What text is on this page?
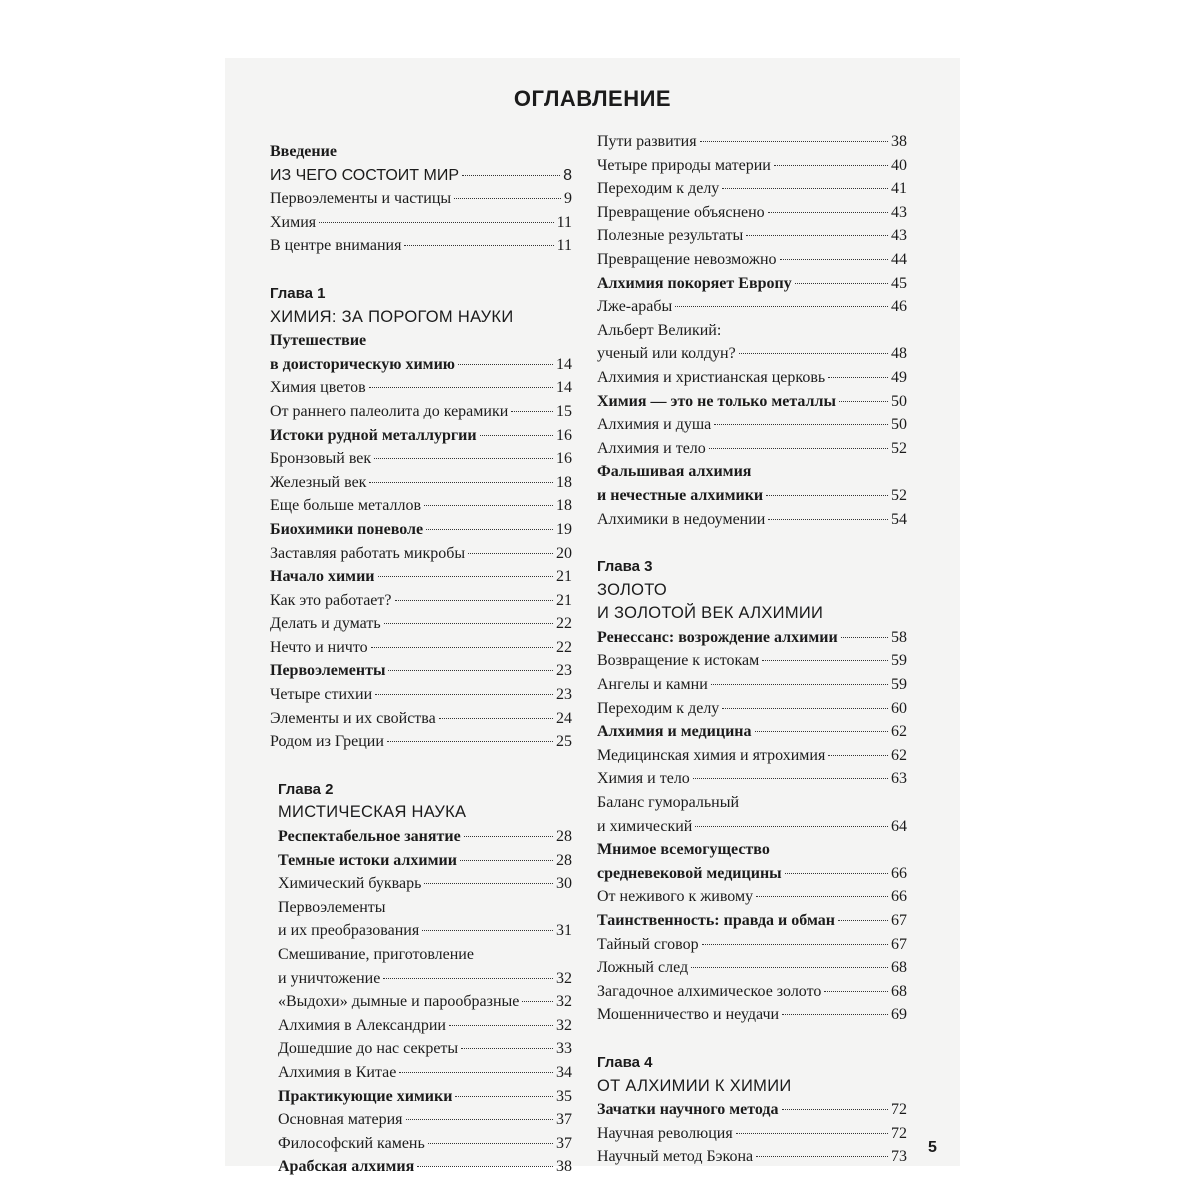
ОГЛАВЛЕНИЕ
Введение
ИЗ ЧЕГО СОСТОИТ МИР	8
Первоэлементы и частицы	9
Химия	11
В центре внимания	11
Глава 1
ХИМИЯ: ЗА ПОРОГОМ НАУКИ
Путешествие
в доисторическую химию	14
Химия цветов	14
От раннего палеолита до керамики	15
Истоки рудной металлургии	16
Бронзовый век	16
Железный век	18
Еще больше металлов	18
Биохимики поневоле	19
Заставляя работать микробы	20
Начало химии	21
Как это работает?	21
Делать и думать	22
Нечто и ничто	22
Первоэлементы	23
Четыре стихии	23
Элементы и их свойства	24
Родом из Греции	25
Глава 2
МИСТИЧЕСКАЯ НАУКА
Респектабельное занятие	28
Темные истоки алхимии	28
Химический букварь	30
Первоэлементы
и их преобразования	31
Смешивание, приготовление
и уничтожение	32
«Выдохи» дымные и парообразные 32
Алхимия в Александрии	32
Дошедшие до нас секреты	33
Алхимия в Китае	34
Практикующие химики	35
Основная материя	37
Философский камень	37
Арабская алхимия	38
Пути развития	38
Четыре природы материи	40
Переходим к делу	41
Превращение объяснено	43
Полезные результаты	43
Превращение невозможно	44
Алхимия покоряет Европу	45
Лже-арабы	46
Альберт Великий:
ученый или колдун?	48
Алхимия и христианская церковь	49
Химия — это не только металлы	50
Алхимия и душа	50
Алхимия и тело	52
Фальшивая алхимия
и нечестные алхимики	52
Алхимики в недоумении	54
Глава 3
ЗОЛОТО
И ЗОЛОТОЙ ВЕК АЛХИМИИ
Ренессанс: возрождение алхимии	58
Возвращение к истокам	59
Ангелы и камни	59
Переходим к делу	60
Алхимия и медицина	62
Медицинская химия и ятрохимия	62
Химия и тело	63
Баланс гуморальный
и химический	64
Мнимое всемогущество
средневековой медицины	66
От неживого к живому	66
Таинственность: правда и обман	67
Тайный сговор	67
Ложный след	68
Загадочное алхимическое золото	68
Мошенничество и неудачи	69
Глава 4
ОТ АЛХИМИИ К ХИМИИ
Зачатки научного метода	72
Научная революция	72
Научный метод Бэкона	73
5
